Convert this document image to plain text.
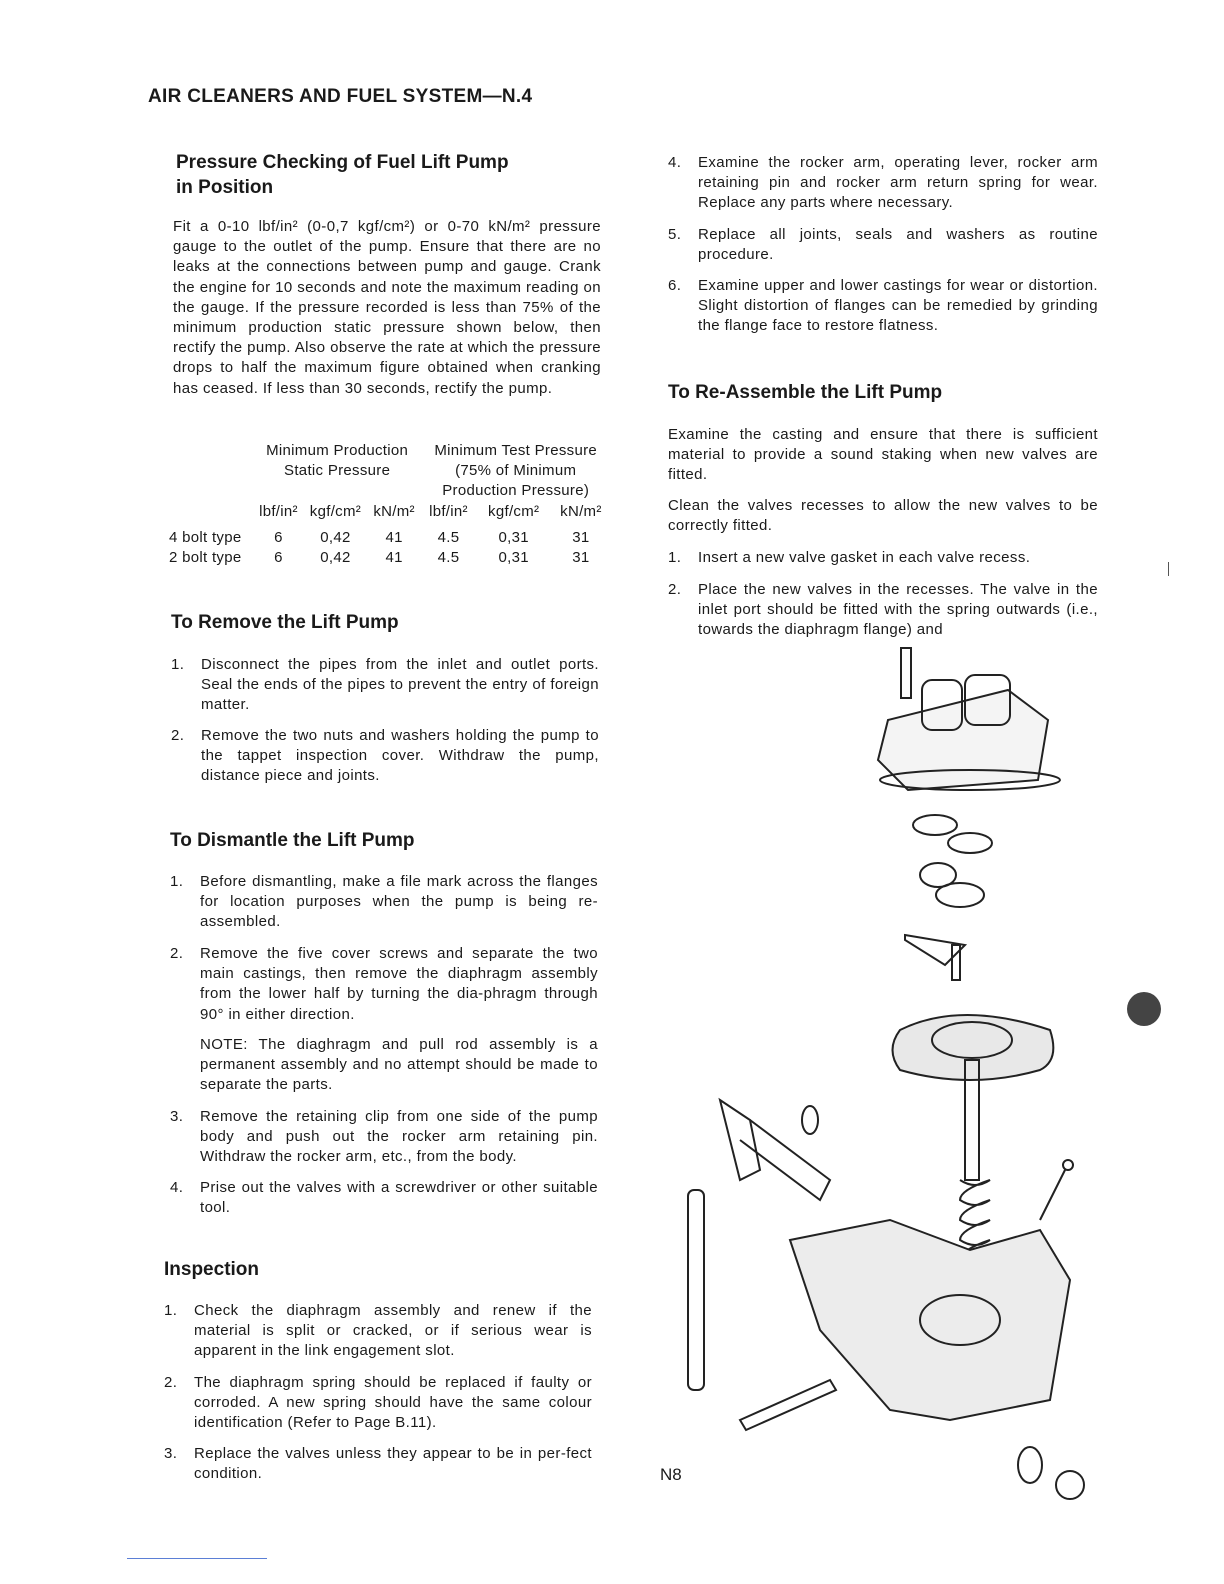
AIR CLEANERS AND FUEL SYSTEM—N.4
Pressure Checking of Fuel Lift Pump
in Position
Fit a 0-10 lbf/in² (0-0,7 kgf/cm²) or 0-70 kN/m² pressure gauge to the outlet of the pump. Ensure that there are no leaks at the connections between pump and gauge. Crank the engine for 10 seconds and note the maximum reading on the gauge. If the pressure recorded is less than 75% of the minimum production static pressure shown below, then rectify the pump. Also observe the rate at which the pressure drops to half the maximum figure obtained when cranking has ceased. If less than 30 seconds, rectify the pump.
	Minimum Production			Minimum Test Pressure		
	Static Pressure			(75% of Minimum		
				Production Pressure)		
	lbf/in²	kgf/cm²	kN/m²	lbf/in²	kgf/cm²	kN/m²
4 bolt type	6	0,42	41	4.5	0,31	31
2 bolt type	6	0,42	41	4.5	0,31	31
To Remove the Lift Pump
1. Disconnect the pipes from the inlet and outlet ports. Seal the ends of the pipes to prevent the entry of foreign matter.
2. Remove the two nuts and washers holding the pump to the tappet inspection cover. Withdraw the pump, distance piece and joints.
To Dismantle the Lift Pump
1. Before dismantling, make a file mark across the flanges for location purposes when the pump is being re-assembled.
2. Remove the five cover screws and separate the two main castings, then remove the diaphragm assembly from the lower half by turning the dia-phragm through 90° in either direction.
NOTE: The diaghragm and pull rod assembly is a permanent assembly and no attempt should be made to separate the parts.
3. Remove the retaining clip from one side of the pump body and push out the rocker arm retaining pin. Withdraw the rocker arm, etc., from the body.
4. Prise out the valves with a screwdriver or other suitable tool.
Inspection
1. Check the diaphragm assembly and renew if the material is split or cracked, or if serious wear is apparent in the link engagement slot.
2. The diaphragm spring should be replaced if faulty or corroded. A new spring should have the same colour identification (Refer to Page B.11).
3. Replace the valves unless they appear to be in per-fect condition.
4. Examine the rocker arm, operating lever, rocker arm retaining pin and rocker arm return spring for wear. Replace any parts where necessary.
5. Replace all joints, seals and washers as routine procedure.
6. Examine upper and lower castings for wear or distortion. Slight distortion of flanges can be remedied by grinding the flange face to restore flatness.
To Re-Assemble the Lift Pump
Examine the casting and ensure that there is sufficient material to provide a sound staking when new valves are fitted.
Clean the valves recesses to allow the new valves to be correctly fitted.
1. Insert a new valve gasket in each valve recess.
2. Place the new valves in the recesses. The valve in the inlet port should be fitted with the spring outwards (i.e., towards the diaphragm flange) and
N8
